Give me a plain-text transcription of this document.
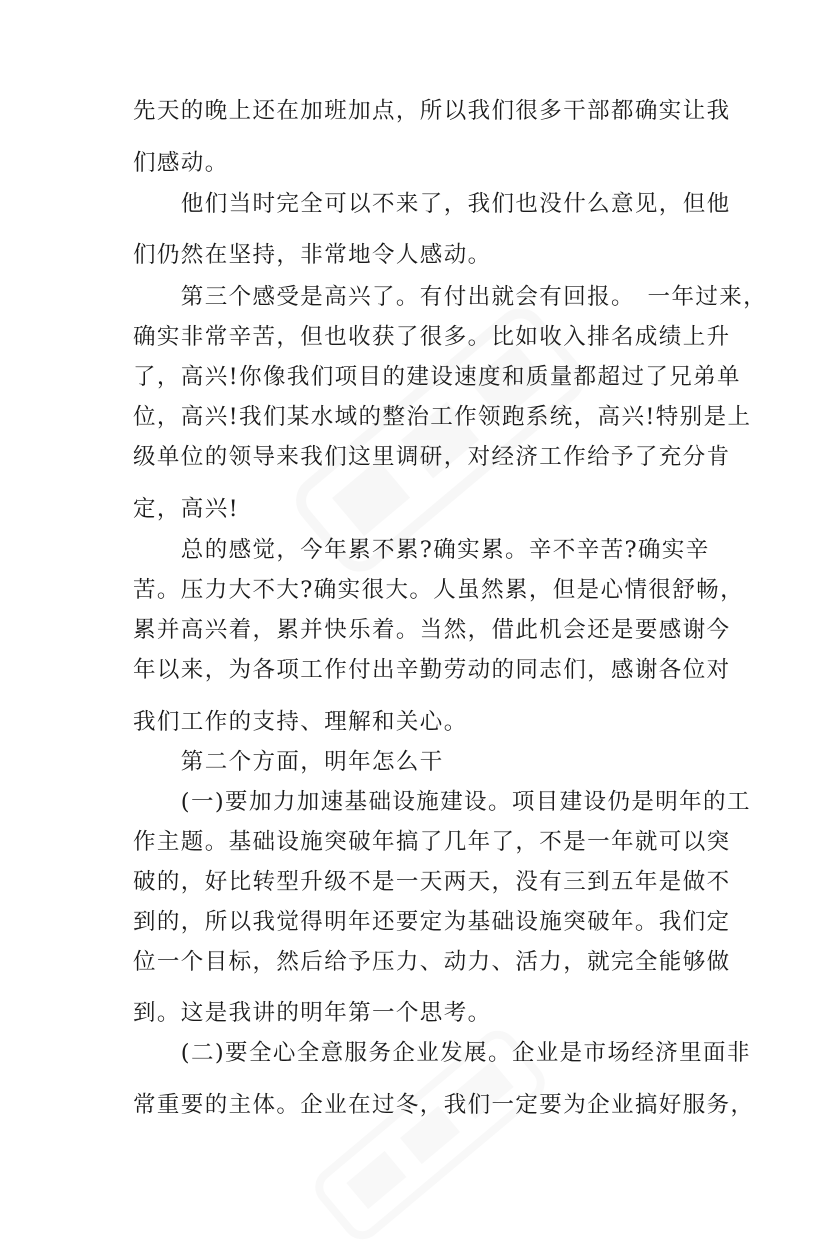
先天的晚上还在加班加点，所以我们很多干部都确实让我
们感动。
　　他们当时完全可以不来了，我们也没什么意见，但他
们仍然在坚持，非常地令人感动。
　　第三个感受是高兴了。有付出就会有回报。　一年过来，
确实非常辛苦，但也收获了很多。比如收入排名成绩上升
了，高兴!你像我们项目的建设速度和质量都超过了兄弟单
位，高兴!我们某水域的整治工作领跑系统，高兴!特别是上
级单位的领导来我们这里调研，对经济工作给予了充分肯
定，高兴!
　　总的感觉，今年累不累?确实累。辛不辛苦?确实辛
苦。压力大不大?确实很大。人虽然累，但是心情很舒畅，
累并高兴着，累并快乐着。当然，借此机会还是要感谢今
年以来，为各项工作付出辛勤劳动的同志们，感谢各位对
我们工作的支持、理解和关心。
　　第二个方面，明年怎么干
　　(一)要加力加速基础设施建设。项目建设仍是明年的工
作主题。基础设施突破年搞了几年了，不是一年就可以突
破的，好比转型升级不是一天两天，没有三到五年是做不
到的，所以我觉得明年还要定为基础设施突破年。我们定
位一个目标，然后给予压力、动力、活力，就完全能够做
到。这是我讲的明年第一个思考。
　　(二)要全心全意服务企业发展。企业是市场经济里面非
常重要的主体。企业在过冬，我们一定要为企业搞好服务，
